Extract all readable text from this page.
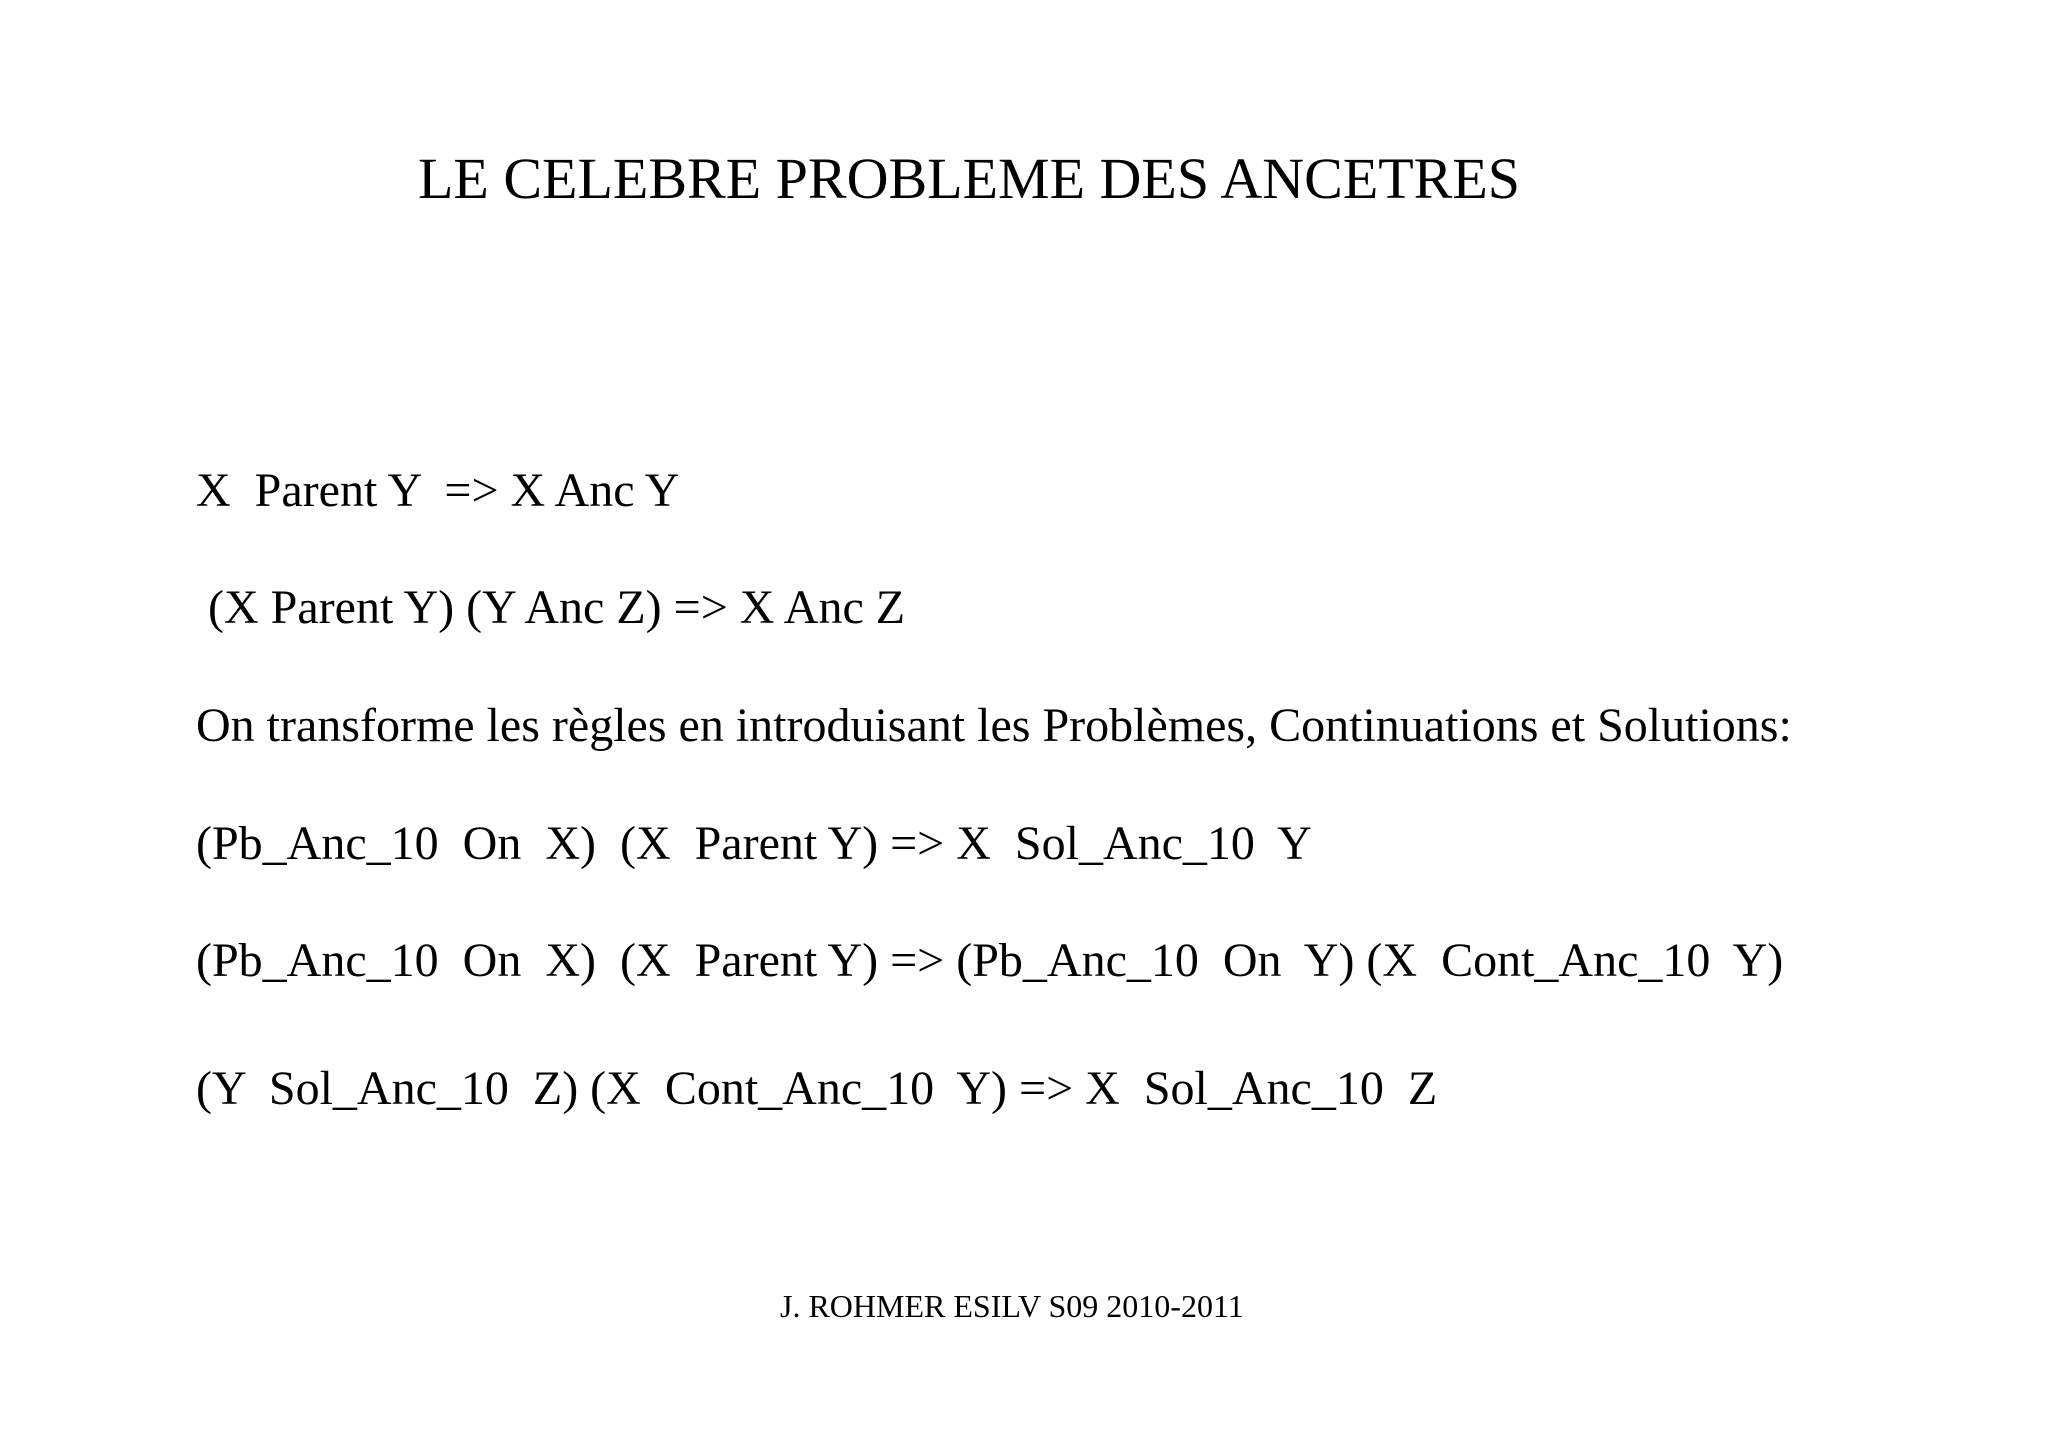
LE CELEBRE PROBLEME DES ANCETRES

X  Parent Y  => X Anc Y

(X Parent Y) (Y Anc Z) => X Anc Z

On transforme les règles en introduisant les Problèmes, Continuations et Solutions:

(Pb_Anc_10  On  X)  (X  Parent Y) => X  Sol_Anc_10  Y

(Pb_Anc_10  On  X)  (X  Parent Y) => (Pb_Anc_10  On  Y) (X  Cont_Anc_10  Y)

(Y  Sol_Anc_10  Z) (X  Cont_Anc_10  Y) => X  Sol_Anc_10  Z

J. ROHMER ESILV S09 2010-2011
